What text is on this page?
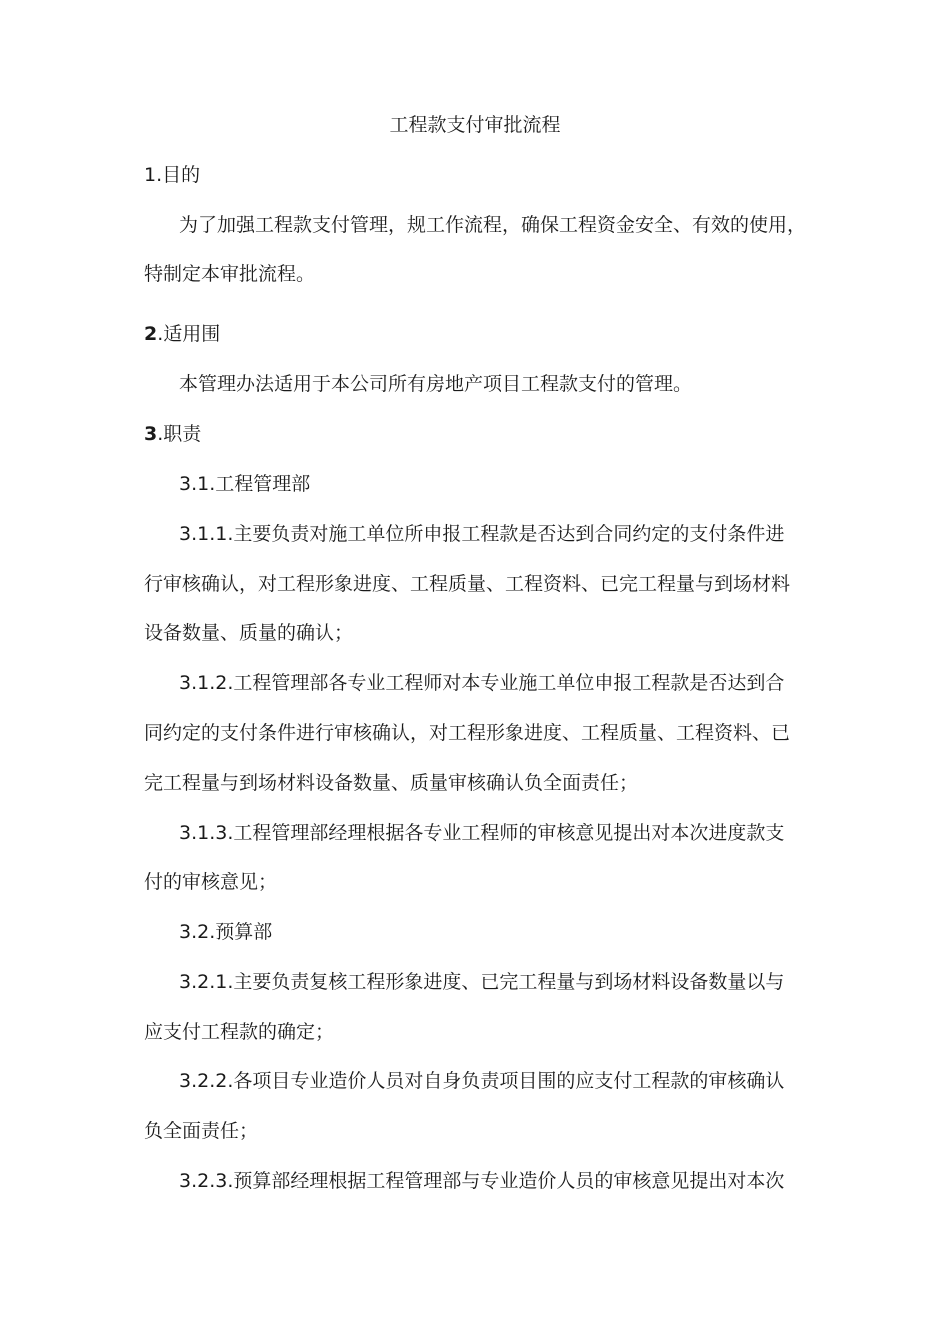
工程款支付审批流程

1.目的

为了加强工程款支付管理，规工作流程，确保工程资金安全、有效的使用，

特制定本审批流程。

2.适用围

本管理办法适用于本公司所有房地产项目工程款支付的管理。

3.职责

3.1.工程管理部

3.1.1.主要负责对施工单位所申报工程款是否达到合同约定的支付条件进

行审核确认，对工程形象进度、工程质量、工程资料、已完工程量与到场材料

设备数量、质量的确认；

3.1.2.工程管理部各专业工程师对本专业施工单位申报工程款是否达到合

同约定的支付条件进行审核确认，对工程形象进度、工程质量、工程资料、已

完工程量与到场材料设备数量、质量审核确认负全面责任；

3.1.3.工程管理部经理根据各专业工程师的审核意见提出对本次进度款支

付的审核意见；

3.2.预算部

3.2.1.主要负责复核工程形象进度、已完工程量与到场材料设备数量以与

应支付工程款的确定；

3.2.2.各项目专业造价人员对自身负责项目围的应支付工程款的审核确认

负全面责任；

3.2.3.预算部经理根据工程管理部与专业造价人员的审核意见提出对本次
